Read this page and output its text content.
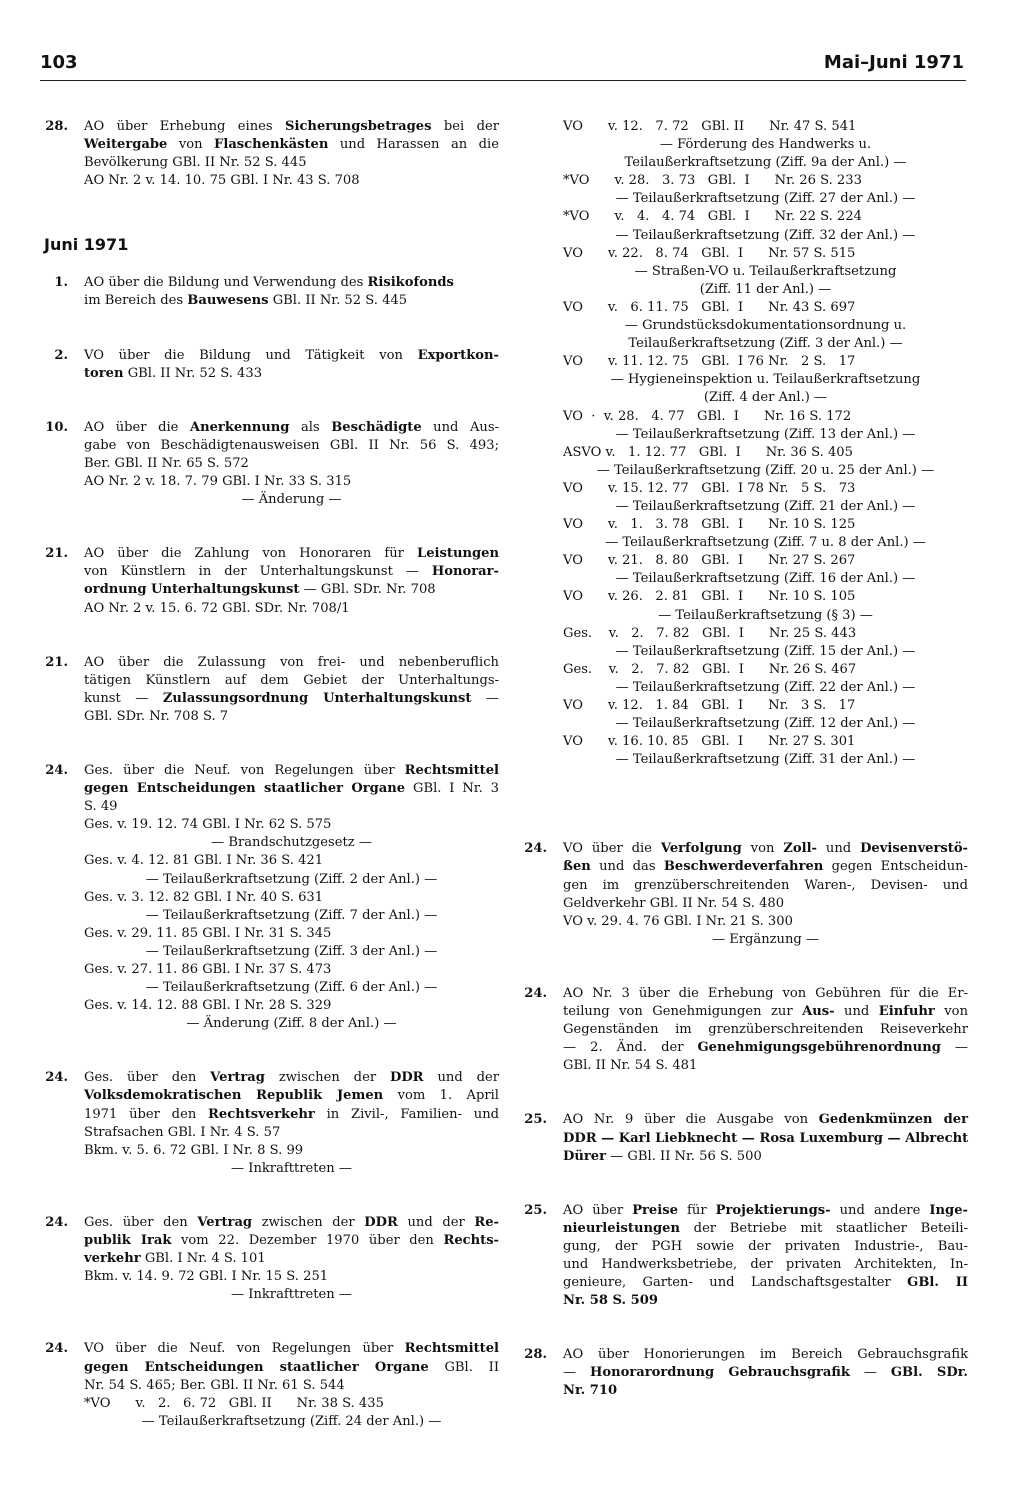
103	Mai–Juni 1971
28. AO über Erhebung eines Sicherungsbetrages bei der
Weitergabe von Flaschenkästen und Harassen an die
Bevölkerung GBl. II Nr. 52 S. 445
AO Nr. 2 v. 14. 10. 75 GBl. I Nr. 43 S. 708
Juni 1971
1. AO über die Bildung und Verwendung des Risikofonds
im Bereich des Bauwesens GBl. II Nr. 52 S. 445
2. VO über die Bildung und Tätigkeit von Exportkon-
toren GBl. II Nr. 52 S. 433
10. AO über die Anerkennung als Beschädigte und Aus-
gabe von Beschädigtenausweisen GBl. II Nr. 56 S. 493;
Ber. GBl. II Nr. 65 S. 572
AO Nr. 2 v. 18. 7. 79 GBl. I Nr. 33 S. 315
— Änderung —
21. AO über die Zahlung von Honoraren für Leistungen
von Künstlern in der Unterhaltungskunst — Honorar-
ordnung Unterhaltungskunst — GBl. SDr. Nr. 708
AO Nr. 2 v. 15. 6. 72 GBl. SDr. Nr. 708/1
21. AO über die Zulassung von frei- und nebenberuflich
tätigen Künstlern auf dem Gebiet der Unterhaltungs-
kunst — Zulassungsordnung Unterhaltungskunst —
GBl. SDr. Nr. 708 S. 7
24. Ges. über die Neuf. von Regelungen über Rechtsmittel
gegen Entscheidungen staatlicher Organe GBl. I Nr. 3
S. 49
Ges. v. 19. 12. 74 GBl. I Nr. 62 S. 575
— Brandschutzgesetz —
Ges. v. 4. 12. 81 GBl. I Nr. 36 S. 421
— Teilaußerkraftsetzung (Ziff. 2 der Anl.) —
Ges. v. 3. 12. 82 GBl. I Nr. 40 S. 631
— Teilaußerkraftsetzung (Ziff. 7 der Anl.) —
Ges. v. 29. 11. 85 GBl. I Nr. 31 S. 345
— Teilaußerkraftsetzung (Ziff. 3 der Anl.) —
Ges. v. 27. 11. 86 GBl. I Nr. 37 S. 473
— Teilaußerkraftsetzung (Ziff. 6 der Anl.) —
Ges. v. 14. 12. 88 GBl. I Nr. 28 S. 329
— Änderung (Ziff. 8 der Anl.) —
24. Ges. über den Vertrag zwischen der DDR und der
Volksdemokratischen Republik Jemen vom 1. April
1971 über den Rechtsverkehr in Zivil-, Familien- und
Strafsachen GBl. I Nr. 4 S. 57
Bkm. v. 5. 6. 72 GBl. I Nr. 8 S. 99
— Inkrafttreten —
24. Ges. über den Vertrag zwischen der DDR und der Re-
publik Irak vom 22. Dezember 1970 über den Rechts-
verkehr GBl. I Nr. 4 S. 101
Bkm. v. 14. 9. 72 GBl. I Nr. 15 S. 251
— Inkrafttreten —
24. VO über die Neuf. von Regelungen über Rechtsmittel
gegen Entscheidungen staatlicher Organe GBl. II
Nr. 54 S. 465; Ber. GBl. II Nr. 61 S. 544
*VO      v.   2.   6. 72   GBl. II      Nr. 38 S. 435
— Teilaußerkraftsetzung (Ziff. 24 der Anl.) —
VO      v. 12.   7. 72   GBl. II      Nr. 47 S. 541
— Förderung des Handwerks u.
Teilaußerkraftsetzung (Ziff. 9a der Anl.) —
*VO      v. 28.   3. 73   GBl.  I      Nr. 26 S. 233
— Teilaußerkraftsetzung (Ziff. 27 der Anl.) —
*VO      v.   4.   4. 74   GBl.  I      Nr. 22 S. 224
— Teilaußerkraftsetzung (Ziff. 32 der Anl.) —
VO      v. 22.   8. 74   GBl.  I      Nr. 57 S. 515
— Straßen-VO u. Teilaußerkraftsetzung
(Ziff. 11 der Anl.) —
VO      v.   6. 11. 75   GBl.  I      Nr. 43 S. 697
— Grundstücksdokumentationsordnung u.
Teilaußerkraftsetzung (Ziff. 3 der Anl.) —
VO      v. 11. 12. 75   GBl.  I 76 Nr.   2 S.   17
— Hygieneinspektion u. Teilaußerkraftsetzung
(Ziff. 4 der Anl.) —
VO  ·  v. 28.   4. 77   GBl.  I      Nr. 16 S. 172
— Teilaußerkraftsetzung (Ziff. 13 der Anl.) —
ASVO v.   1. 12. 77   GBl.  I      Nr. 36 S. 405
— Teilaußerkraftsetzung (Ziff. 20 u. 25 der Anl.) —
VO      v. 15. 12. 77   GBl.  I 78 Nr.   5 S.   73
— Teilaußerkraftsetzung (Ziff. 21 der Anl.) —
VO      v.   1.   3. 78   GBl.  I      Nr. 10 S. 125
— Teilaußerkraftsetzung (Ziff. 7 u. 8 der Anl.) —
VO      v. 21.   8. 80   GBl.  I      Nr. 27 S. 267
— Teilaußerkraftsetzung (Ziff. 16 der Anl.) —
VO      v. 26.   2. 81   GBl.  I      Nr. 10 S. 105
— Teilaußerkraftsetzung (§ 3) —
Ges.    v.   2.   7. 82   GBl.  I      Nr. 25 S. 443
— Teilaußerkraftsetzung (Ziff. 15 der Anl.) —
Ges.    v.   2.   7. 82   GBl.  I      Nr. 26 S. 467
— Teilaußerkraftsetzung (Ziff. 22 der Anl.) —
VO      v. 12.   1. 84   GBl.  I      Nr.   3 S.   17
— Teilaußerkraftsetzung (Ziff. 12 der Anl.) —
VO      v. 16. 10. 85   GBl.  I      Nr. 27 S. 301
— Teilaußerkraftsetzung (Ziff. 31 der Anl.) —
24. VO über die Verfolgung von Zoll- und Devisenverstö-
ßen und das Beschwerdeverfahren gegen Entscheidun-
gen im grenzüberschreitenden Waren-, Devisen- und
Geldverkehr GBl. II Nr. 54 S. 480
VO v. 29. 4. 76 GBl. I Nr. 21 S. 300
— Ergänzung —
24. AO Nr. 3 über die Erhebung von Gebühren für die Er-
teilung von Genehmigungen zur Aus- und Einfuhr von
Gegenständen im grenzüberschreitenden Reiseverkehr
— 2. Änd. der Genehmigungsgebührenordnung —
GBl. II Nr. 54 S. 481
25. AO Nr. 9 über die Ausgabe von Gedenkmünzen der
DDR — Karl Liebknecht — Rosa Luxemburg — Albrecht
Dürer — GBl. II Nr. 56 S. 500
25. AO über Preise für Projektierungs- und andere Inge-
nieurleistungen der Betriebe mit staatlicher Beteili-
gung, der PGH sowie der privaten Industrie-, Bau-
und Handwerksbetriebe, der privaten Architekten, In-
genieure, Garten- und Landschaftsgestalter GBl. II
Nr. 58 S. 509
28. AO über Honorierungen im Bereich Gebrauchsgrafik
— Honorarordnung Gebrauchsgrafik — GBl. SDr.
Nr. 710
